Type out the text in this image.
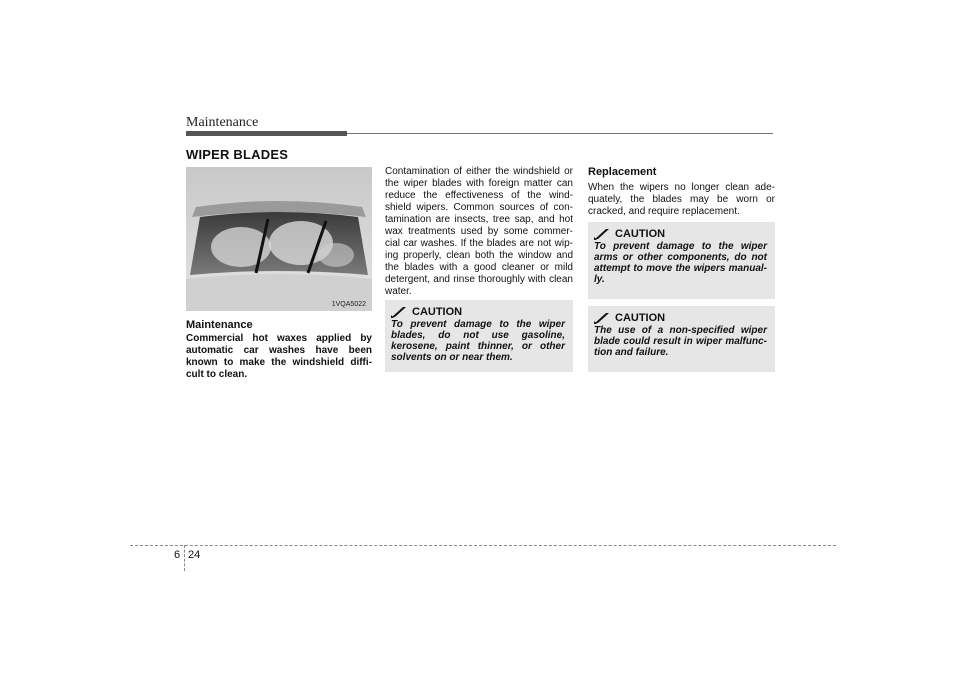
Maintenance
WIPER BLADES
1VQA5022
Maintenance
Commercial hot waxes applied by automatic car washes have been known to make the windshield diffi-cult to clean.
Contamination of either the windshield or the wiper blades with foreign matter can reduce the effectiveness of the wind-shield wipers. Common sources of con-tamination are insects, tree sap, and hot wax treatments used by some commer-cial car washes. If the blades are not wip-ing properly, clean both the window and the blades with a good cleaner or mild detergent, and rinse thoroughly with clean water.
CAUTION
To prevent damage to the wiper blades, do not use gasoline, kerosene, paint thinner, or other solvents on or near them.
Replacement
When the wipers no longer clean ade-quately, the blades may be worn or cracked, and require replacement.
CAUTION
To prevent damage to the wiper arms or other components, do not attempt to move the wipers manual-ly.
CAUTION
The use of a non-specified wiper blade could result in wiper malfunc-tion and failure.
6 24
